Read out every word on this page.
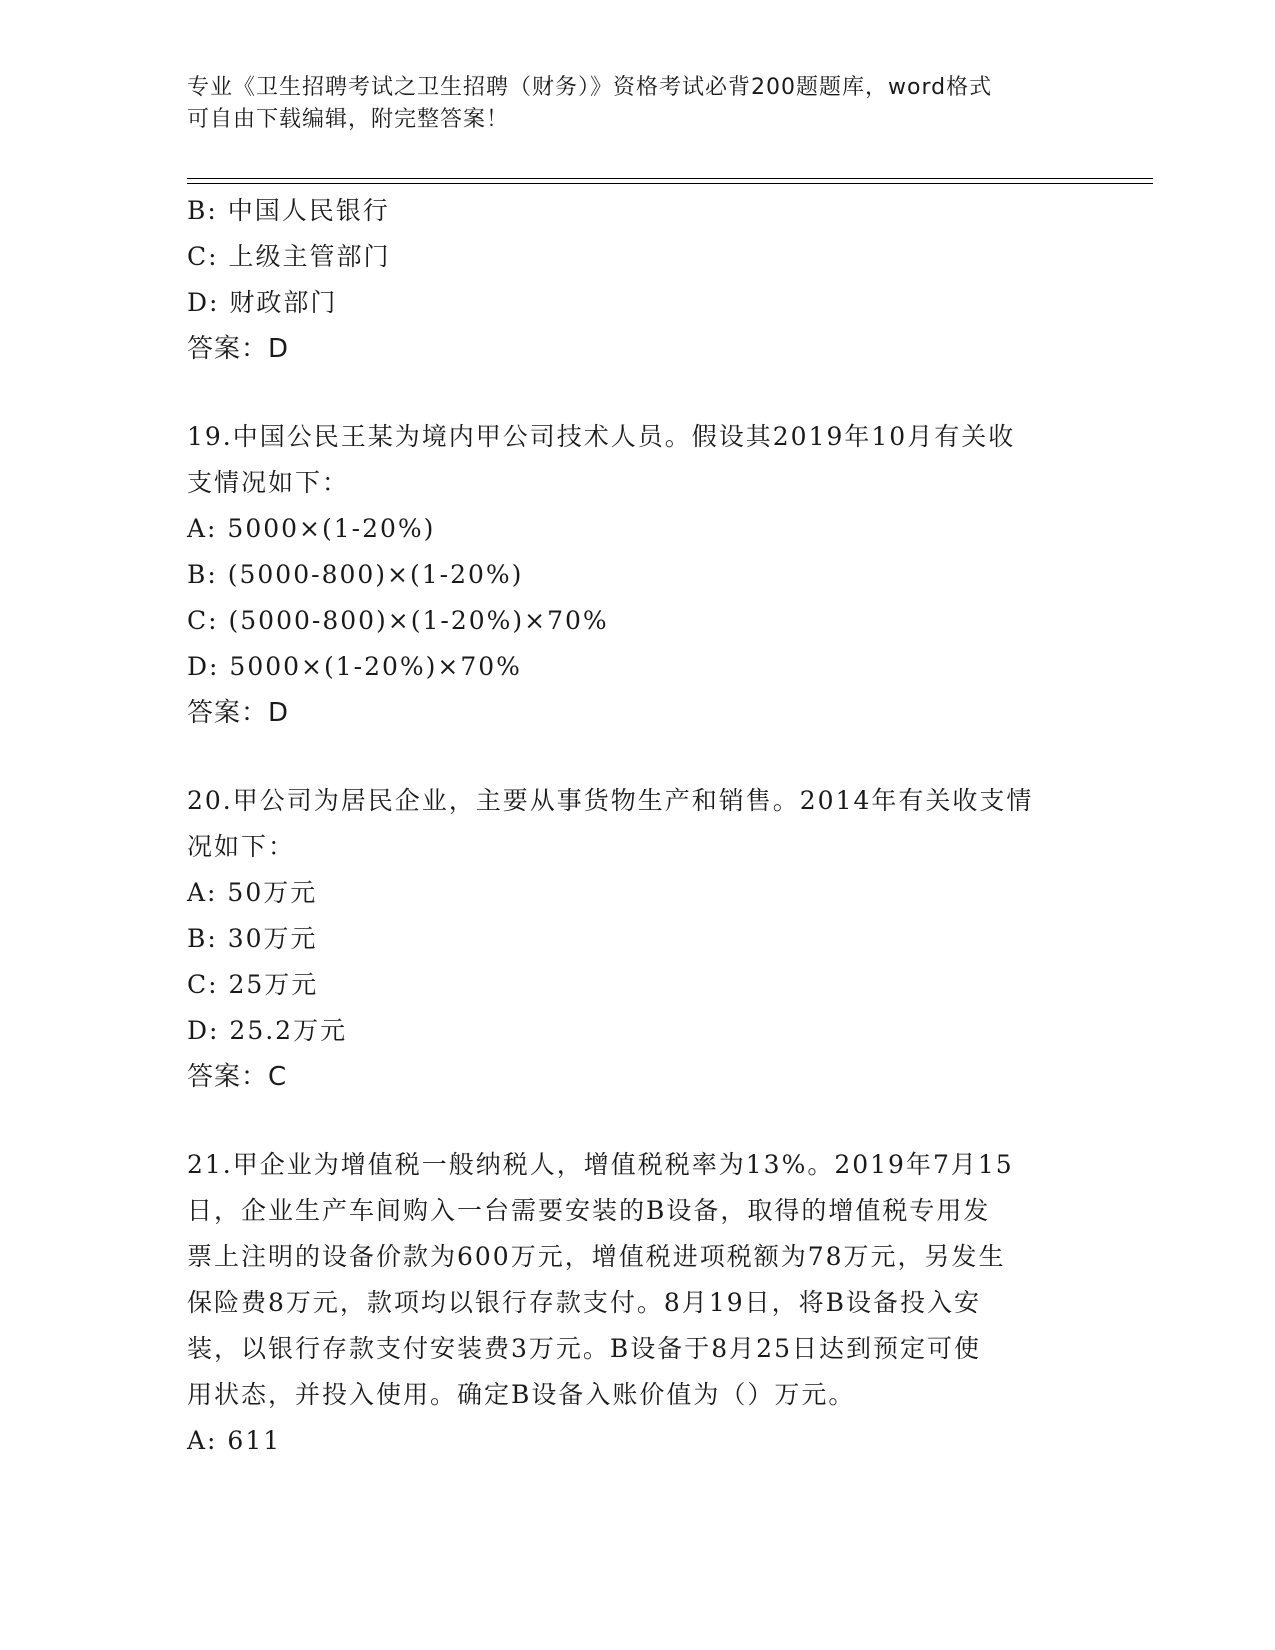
专业《卫生招聘考试之卫生招聘（财务）》资格考试必背200题题库，word格式
可自由下载编辑，附完整答案！
B: 中国人民银行
C: 上级主管部门
D: 财政部门
答案：D
19.中国公民王某为境内甲公司技术人员。假设其2019年10月有关收
支情况如下：
A: 5000×(1-20%)
B: (5000-800)×(1-20%)
C: (5000-800)×(1-20%)×70%
D: 5000×(1-20%)×70%
答案：D
20.甲公司为居民企业，主要从事货物生产和销售。2014年有关收支情
况如下：
A: 50万元
B: 30万元
C: 25万元
D: 25.2万元
答案：C
21.甲企业为增值税一般纳税人，增值税税率为13%。2019年7月15
日，企业生产车间购入一台需要安装的B设备，取得的增值税专用发
票上注明的设备价款为600万元，增值税进项税额为78万元，另发生
保险费8万元，款项均以银行存款支付。8月19日，将B设备投入安
装，以银行存款支付安装费3万元。B设备于8月25日达到预定可使
用状态，并投入使用。确定B设备入账价值为（）万元。
A: 611
